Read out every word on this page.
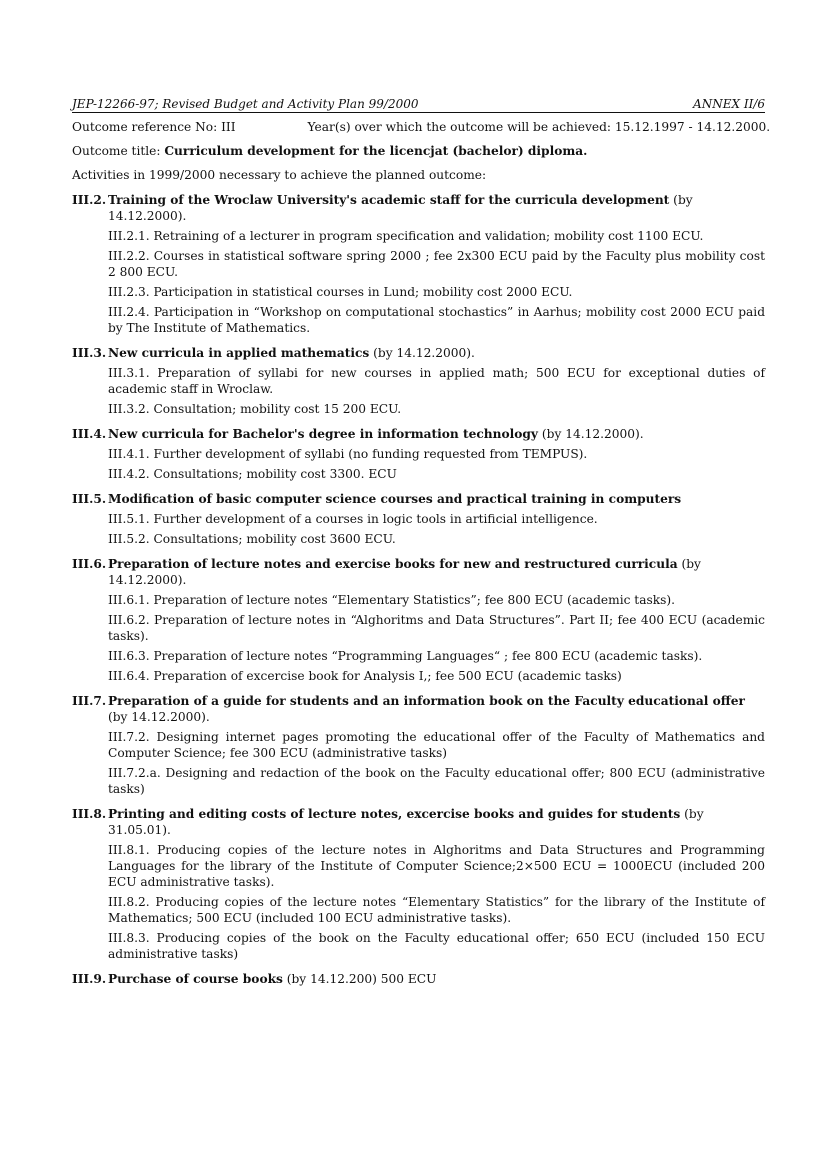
JEP-12266-97; Revised Budget and Activity Plan 99/2000	ANNEX II/6
Outcome reference No: III	Year(s) over which the outcome will be achieved: 15.12.1997 - 14.12.2000.
Outcome title: Curriculum development for the licencjat (bachelor) diploma.
Activities in 1999/2000 necessary to achieve the planned outcome:
III.2. Training of the Wroclaw University's academic staff for the curricula development (by 14.12.2000).
III.2.1. Retraining of a lecturer in program specification and validation; mobility cost 1100 ECU.
III.2.2. Courses in statistical software spring 2000 ; fee 2x300 ECU paid by the Faculty plus mobility cost 2 800 ECU.
III.2.3. Participation in statistical courses in Lund; mobility cost 2000 ECU.
III.2.4. Participation in “Workshop on computational stochastics” in Aarhus; mobility cost 2000 ECU paid by The Institute of Mathematics.
III.3. New curricula in applied mathematics (by 14.12.2000).
III.3.1. Preparation of syllabi for new courses in applied math; 500 ECU for exceptional duties of academic staff in Wroclaw.
III.3.2. Consultation; mobility cost 15 200 ECU.
III.4. New curricula for Bachelor's degree in information technology (by 14.12.2000).
III.4.1. Further development of syllabi (no funding requested from TEMPUS).
III.4.2. Consultations; mobility cost 3300. ECU
III.5. Modification of basic computer science courses and practical training in computers
III.5.1. Further development of a courses in logic tools in artificial intelligence.
III.5.2. Consultations; mobility cost 3600 ECU.
III.6. Preparation of lecture notes and exercise books for new and restructured curricula (by 14.12.2000).
III.6.1. Preparation of lecture notes “Elementary Statistics”; fee 800 ECU (academic tasks).
III.6.2. Preparation of lecture notes in “Alghoritms and Data Structures”. Part II; fee 400 ECU (academic tasks).
III.6.3. Preparation of lecture notes “Programming Languages“ ; fee 800 ECU (academic tasks).
III.6.4. Preparation of excercise book for Analysis I,; fee 500 ECU (academic tasks)
III.7. Preparation of a guide for students and an information book on the Faculty educational offer (by 14.12.2000).
III.7.2. Designing internet pages promoting the educational offer of the Faculty of Mathematics and Computer Science; fee 300 ECU (administrative tasks)
III.7.2.a. Designing and redaction of the book on the Faculty educational offer; 800 ECU (administrative tasks)
III.8. Printing and editing costs of lecture notes, excercise books and guides for students (by 31.05.01).
III.8.1. Producing copies of the lecture notes in Alghoritms and Data Structures and Programming Languages for the library of the Institute of Computer Science;2×500 ECU = 1000ECU (included 200 ECU administrative tasks).
III.8.2. Producing copies of the lecture notes “Elementary Statistics” for the library of the Institute of Mathematics; 500 ECU (included 100 ECU administrative tasks).
III.8.3. Producing copies of the book on the Faculty educational offer; 650 ECU (included 150 ECU administrative tasks)
III.9. Purchase of course books (by 14.12.200) 500 ECU
